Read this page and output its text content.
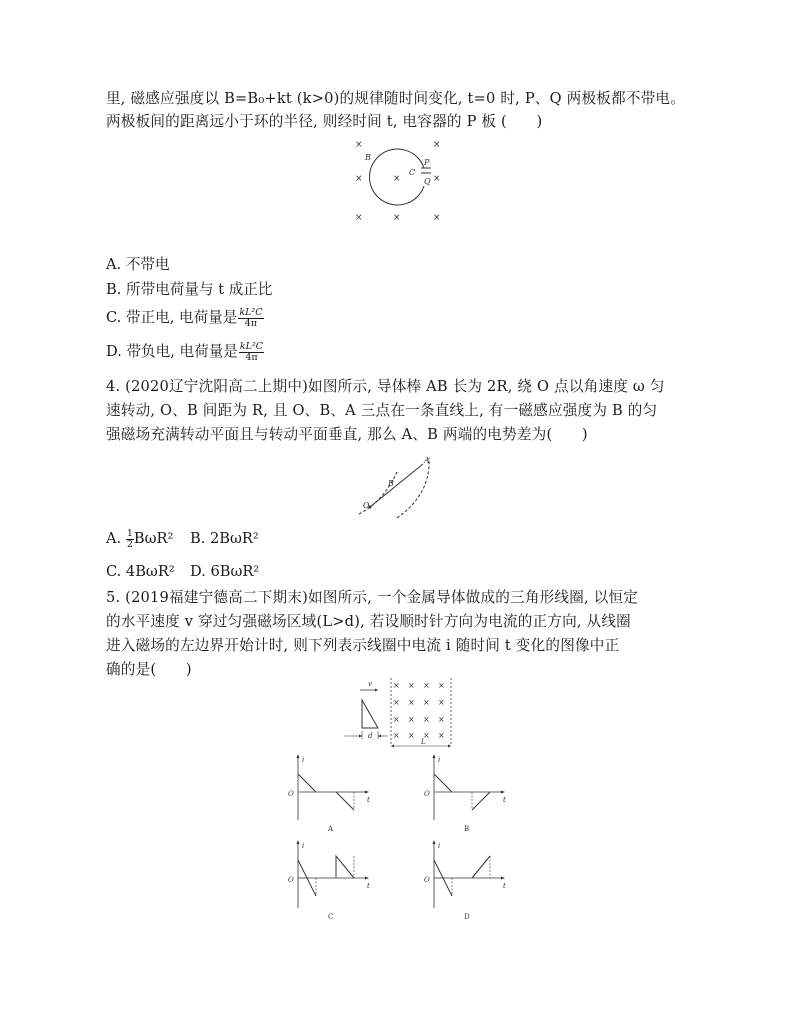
里, 磁感应强度以 B=B₀+kt (k>0)的规律随时间变化, t=0 时, P、Q 两极板都不带电。
两极板间的距离远小于环的半径, 则经时间 t, 电容器的 P 板 (　　)
×
×
×	×
×
×
×
×
B
C
P
Q
A. 不带电
B. 所带电荷量与 t 成正比
C. 带正电, 电荷量是 $\frac{\text{kL²C}}{4\pi}$
D. 带负电, 电荷量是 $\frac{\text{kL²C}}{4\pi}$
4. (2020辽宁沈阳高二上期中)如图所示, 导体棒 AB 长为 2R, 绕 O 点以角速度 ω 匀
速转动, O、B 间距为 R, 且 O、B、A 三点在一条直线上, 有一磁感应强度为 B 的匀
强磁场充满转动平面且与转动平面垂直, 那么 A、B 两端的电势差为(　　)
O
B
A
A. $\frac{1}{2} B\omega R^2$ B. 2BωR²
C. 4BωR² D. 6BωR²
5. (2019福建宁德高二下期末)如图所示, 一个金属导体做成的三角形线圈, 以恒定
的水平速度 v 穿过匀强磁场区域(L>d), 若设顺时针方向为电流的正方向, 从线圈
进入磁场的左边界开始计时, 则下列表示线圈中电流 i 随时间 t 变化的图像中正
确的是(　　)
v	× × × ×
× × × ×
× × × ×
× × × ×
d
L
i
t
O
A
i
t
O
B
i
t
O
C
i
t
O
D
